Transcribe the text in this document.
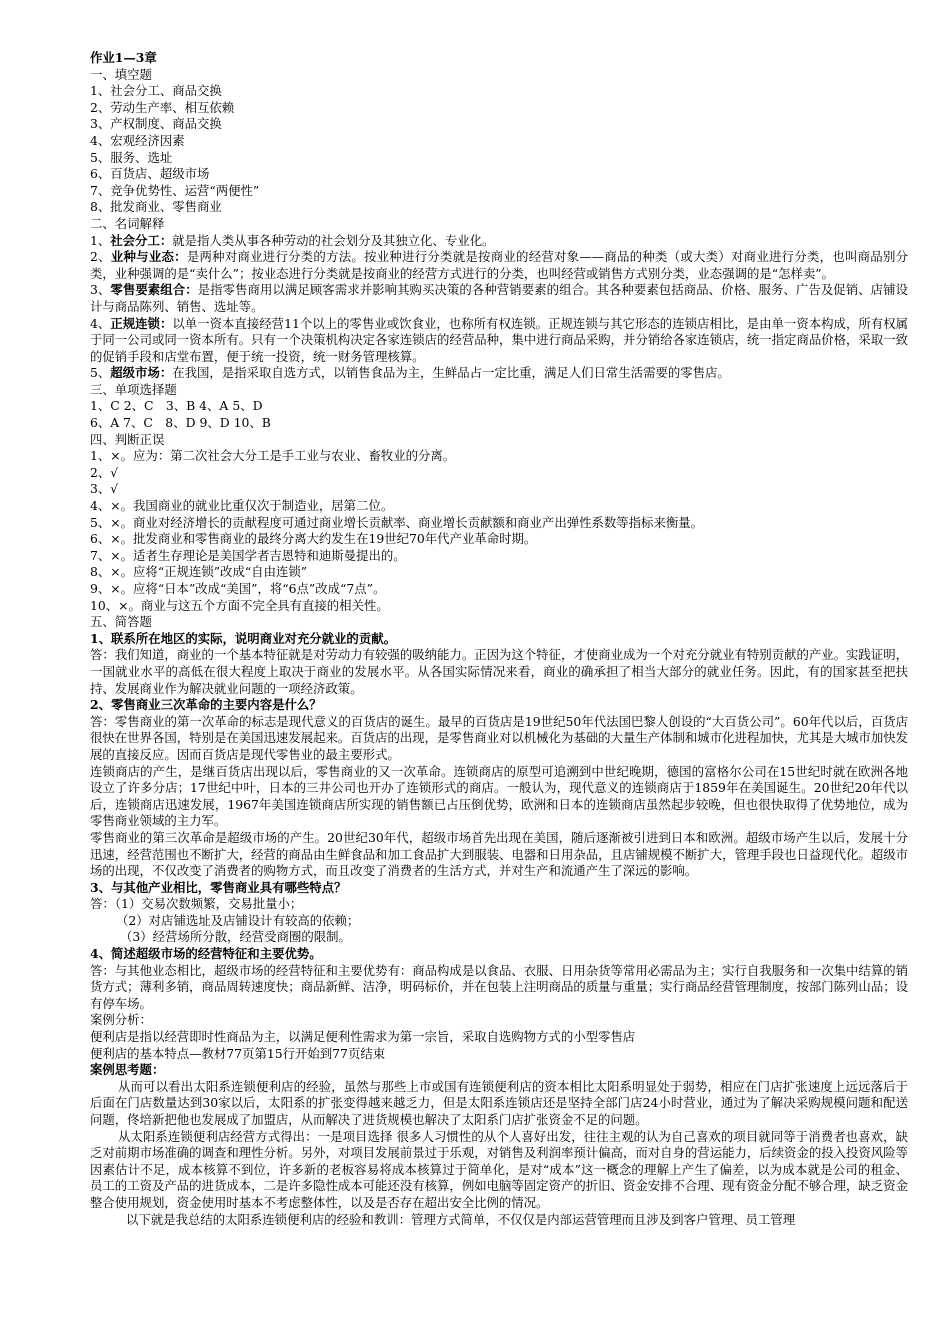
作业1—3章
一、填空题
1、社会分工、商品交换
2、劳动生产率、相互依赖
3、产权制度、商品交换
4、宏观经济因素
5、服务、选址
6、百货店、超级市场
7、竞争优势性、运营“两便性”
8、批发商业、零售商业
二、名词解释
1、社会分工：就是指人类从事各种劳动的社会划分及其独立化、专业化。
2、业种与业态：是两种对商业进行分类的方法。按业种进行分类就是按商业的经营对象——商品的种类（或大类）对商业进行分类，也叫商品别分类，业种强调的是“卖什么”；按业态进行分类就是按商业的经营方式进行的分类，也叫经营或销售方式别分类，业态强调的是“怎样卖”。
3、零售要素组合：是指零售商用以满足顾客需求并影响其购买决策的各种营销要素的组合。其各种要素包括商品、价格、服务、广告及促销、店铺设计与商品陈列、销售、选址等。
4、正规连锁：以单一资本直接经营11个以上的零售业或饮食业，也称所有权连锁。正规连锁与其它形态的连锁店相比，是由单一资本构成，所有权属于同一公司或同一资本所有。只有一个决策机构决定各家连锁店的经营品种，集中进行商品采购，并分销给各家连锁店，统一指定商品价格，采取一致的促销手段和店堂布置，便于统一投资，统一财务管理核算。
5、超级市场：在我国，是指采取自选方式，以销售食品为主，生鲜品占一定比重，满足人们日常生活需要的零售店。
三、单项选择题
1、C 2、C　3、B 4、A 5、D
6、A 7、C　8、D 9、D 10、B
四、判断正误
1、×。应为：第二次社会大分工是手工业与农业、畜牧业的分离。
2、√
3、√
4、×。我国商业的就业比重仅次于制造业，居第二位。
5、×。商业对经济增长的贡献程度可通过商业增长贡献率、商业增长贡献额和商业产出弹性系数等指标来衡量。
6、×。批发商业和零售商业的最终分离大约发生在19世纪70年代产业革命时期。
7、×。适者生存理论是美国学者吉恩特和迪斯曼提出的。
8、×。应将“正规连锁”改成“自由连锁”
9、×。应将“日本”改成“美国”，将“6点”改成“7点”。
10、×。商业与这五个方面不完全具有直接的相关性。
五、简答题
1、联系所在地区的实际，说明商业对充分就业的贡献。
答：我们知道，商业的一个基本特征就是对劳动力有较强的吸纳能力。正因为这个特征，才使商业成为一个对充分就业有特别贡献的产业。实践证明，一国就业水平的高低在很大程度上取决于商业的发展水平。从各国实际情况来看，商业的确承担了相当大部分的就业任务。因此，有的国家甚至把扶持、发展商业作为解决就业问题的一项经济政策。
2、零售商业三次革命的主要内容是什么？
答：零售商业的第一次革命的标志是现代意义的百货店的诞生。最早的百货店是19世纪50年代法国巴黎人创设的“大百货公司”。60年代以后，百货店很快在世界各国，特别是在美国迅速发展起来。百货店的出现，是零售商业对以机械化为基础的大量生产体制和城市化进程加快，尤其是大城市加快发展的直接反应。因而百货店是现代零售业的最主要形式。
连锁商店的产生，是继百货店出现以后，零售商业的又一次革命。连锁商店的原型可追溯到中世纪晚期，德国的富格尔公司在15世纪时就在欧洲各地设立了许多分店；17世纪中叶，日本的三井公司也开办了连锁形式的商店。一般认为，现代意义的连锁商店于1859年在美国诞生。20世纪20年代以后，连锁商店迅速发展，1967年美国连锁商店所实现的销售额已占压倒优势，欧洲和日本的连锁商店虽然起步较晚，但也很快取得了优势地位，成为零售商业领域的主力军。
零售商业的第三次革命是超级市场的产生。20世纪30年代，超级市场首先出现在美国，随后逐渐被引进到日本和欧洲。超级市场产生以后，发展十分迅速，经营范围也不断扩大，经营的商品由生鲜食品和加工食品扩大到服装、电器和日用杂品，且店铺规模不断扩大，管理手段也日益现代化。超级市场的出现，不仅改变了消费者的购物方式，而且改变了消费者的生活方式，并对生产和流通产生了深远的影响。
3、与其他产业相比，零售商业具有哪些特点？
答：（1）交易次数频繁，交易批量小；
（2）对店铺选址及店铺设计有较高的依赖；
（3）经营场所分散，经营受商圈的限制。
4、简述超级市场的经营特征和主要优势。
答：与其他业态相比，超级市场的经营特征和主要优势有：商品构成是以食品、衣服、日用杂货等常用必需品为主；实行自我服务和一次集中结算的销货方式；薄利多销，商品周转速度快；商品新鲜、洁净，明码标价，并在包装上注明商品的质量与重量；实行商品经营管理制度，按部门陈列山品；设有停车场。
案例分析：
便利店是指以经营即时性商品为主，以满足便利性需求为第一宗旨，采取自选购物方式的小型零售店
便利店的基本特点—教材77页第15行开始到77页结束
案例思考题：
从而可以看出太阳系连锁便利店的经验，虽然与那些上市或国有连锁便利店的资本相比太阳系明显处于弱势，相应在门店扩张速度上远远落后于后面在门店数量达到30家以后，太阳系的扩张变得越来越乏力，但是太阳系连锁店还是坚持全部门店24小时营业，通过为了解决采购规模问题和配送问题，佟培新把他也发展成了加盟店，从而解决了进货规模也解决了太阳系门店扩张资金不足的问题。
从太阳系连锁便利店经营方式得出：一是项目选择 很多人习惯性的从个人喜好出发，往往主观的认为自己喜欢的项目就同等于消费者也喜欢，缺乏对前期市场准确的调查和理性分析。另外，对项目发展前景过于乐观，对销售及利润率预计偏高，而对自身的营运能力，后续资金的投入投资风险等因素估计不足，成本核算不到位，许多新的老板容易将成本核算过于简单化，是对“成本”这一概念的理解上产生了偏差，以为成本就是公司的租金、员工的工资及产品的进货成本，二是许多隐性成本可能还没有核算，例如电脑等固定资产的折旧、资金安排不合理、现有资金分配不够合理，缺乏资金整合使用规划，资金使用时基本不考虑整体性，以及是否存在超出安全比例的情况。
以下就是我总结的太阳系连锁便利店的经验和教训：管理方式简单，不仅仅是内部运营管理而且涉及到客户管理、员工管理
